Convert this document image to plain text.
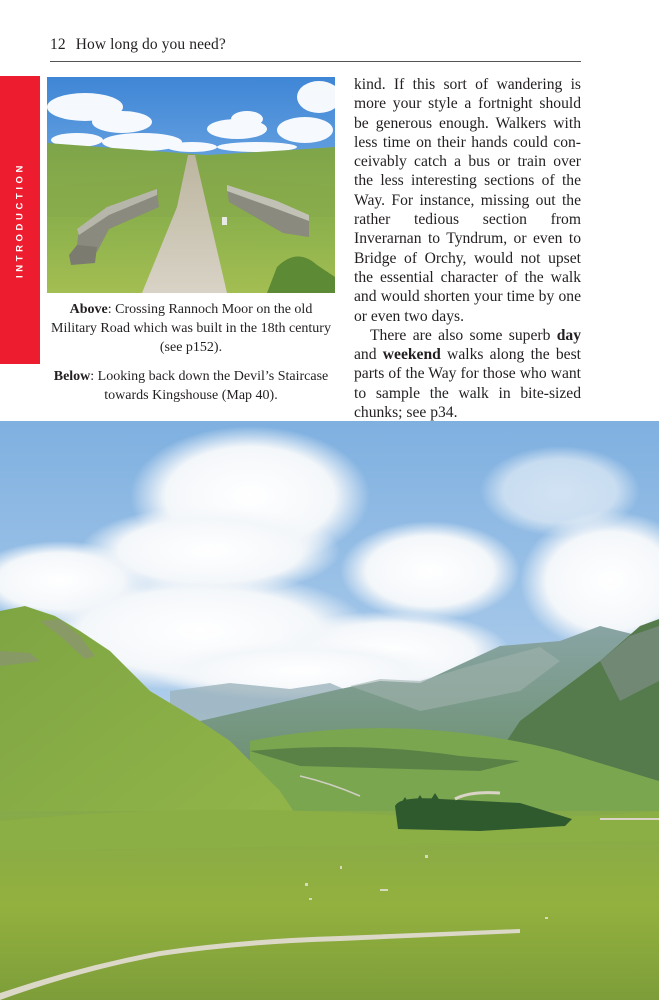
12 How long do you need?
INTRODUCTION
Above: Crossing Rannoch Moor on the old Military Road which was built in the 18th century (see p152).
Below: Looking back down the Devil’s Staircase towards Kingshouse (Map 40).

kind. If this sort of wandering is more your style a fortnight should be generous enough. Walkers with less time on their hands could conceivably catch a bus or train over the less interesting sections of the Way. For instance, missing out the rather tedious section from Inverarnan to Tyndrum, or even to Bridge of Orchy, would not upset the essential character of the walk and would shorten your time by one or even two days.

There are also some superb day and weekend walks along the best parts of the Way for those who want to sample the walk in bite-sized chunks; see p34.
